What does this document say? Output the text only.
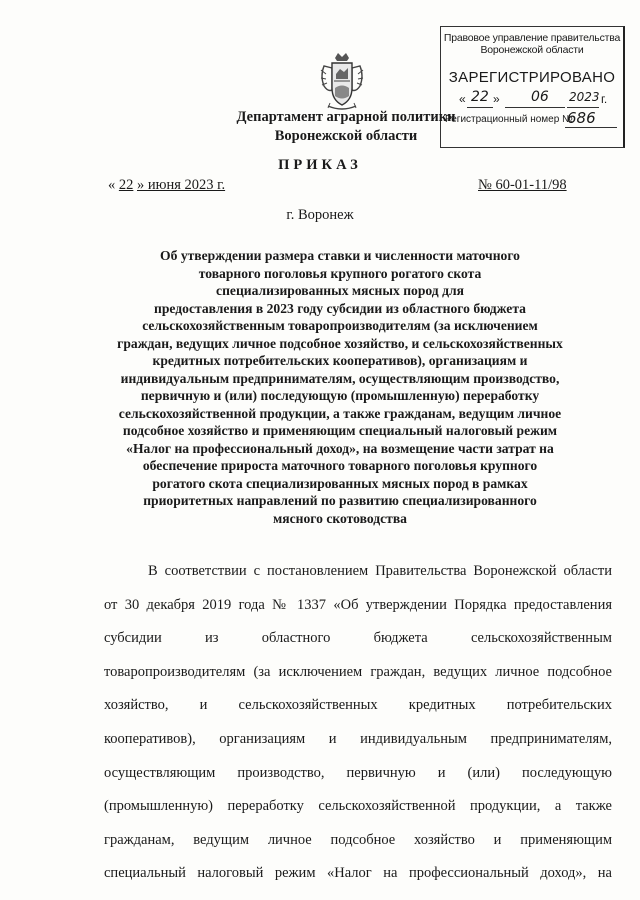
Правовое управление правительства
Воронежской области
ЗАРЕГИСТРИРОВАНО
« 22 » 06 2023 г.
Регистрационный номер №
686
Департамент аграрной политики
Воронежской области
ПРИКАЗ
« 22 » июня 2023 г.	№ 60-01-11/98
г. Воронеж
Об утверждении размера ставки и численности маточного
товарного поголовья крупного рогатого скота
специализированных мясных пород для
предоставления в 2023 году субсидии из областного бюджета
сельскохозяйственным товаропроизводителям (за исключением
граждан, ведущих личное подсобное хозяйство, и сельскохозяйственных
кредитных потребительских кооперативов), организациям и
индивидуальным предпринимателям, осуществляющим производство,
первичную и (или) последующую (промышленную) переработку
сельскохозяйственной продукции, а также гражданам, ведущим личное
подсобное хозяйство и применяющим специальный налоговый режим
«Налог на профессиональный доход», на возмещение части затрат на
обеспечение прироста маточного товарного поголовья крупного
рогатого скота специализированных мясных пород в рамках
приоритетных направлений по развитию специализированного
мясного скотоводства
В соответствии с постановлением Правительства Воронежской области
от 30 декабря 2019 года № 1337 «Об утверждении Порядка предоставления
субсидии из областного бюджета сельскохозяйственным
товаропроизводителям (за исключением граждан, ведущих личное подсобное
хозяйство, и сельскохозяйственных кредитных потребительских
кооперативов), организациям и индивидуальным предпринимателям,
осуществляющим производство, первичную и (или) последующую
(промышленную) переработку сельскохозяйственной продукции, а также
гражданам, ведущим личное подсобное хозяйство и применяющим
специальный налоговый режим «Налог на профессиональный доход», на
